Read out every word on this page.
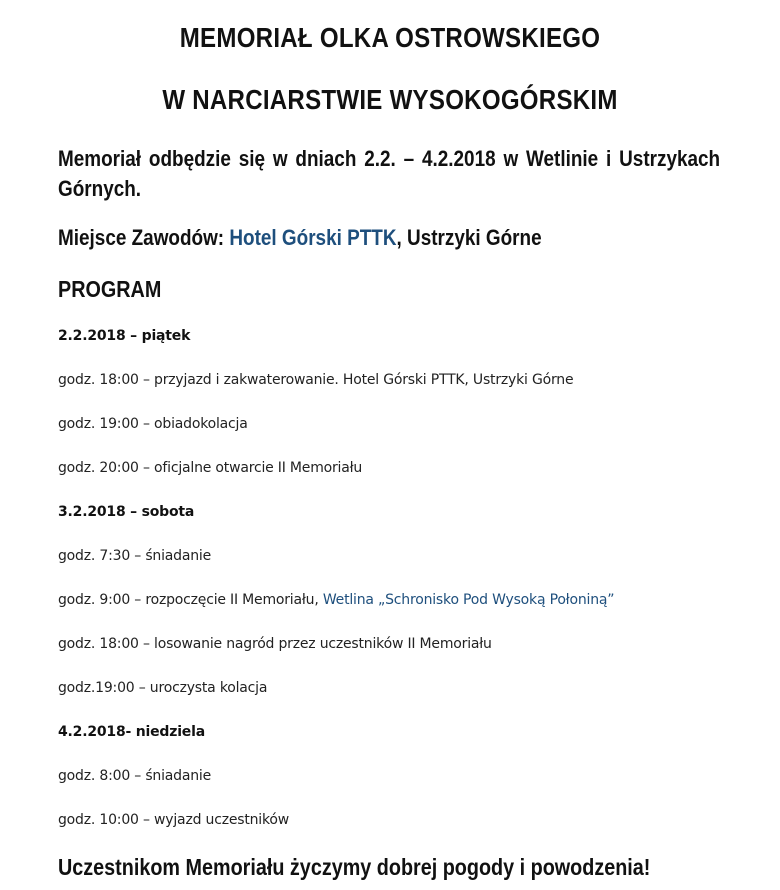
MEMORIAŁ OLKA OSTROWSKIEGO
W NARCIARSTWIE WYSOKOGÓRSKIM

Memoriał odbędzie się w dniach 2.2. – 4.2.2018 w Wetlinie i Ustrzykach Górnych.

Miejsce Zawodów: Hotel Górski PTTK, Ustrzyki Górne

PROGRAM
2.2.2018 – piątek
godz. 18:00 – przyjazd i zakwaterowanie. Hotel Górski PTTK, Ustrzyki Górne
godz. 19:00 – obiadokolacja
godz. 20:00 – oficjalne otwarcie II Memoriału
3.2.2018 – sobota
godz. 7:30 – śniadanie
godz. 9:00 – rozpoczęcie II Memoriału, Wetlina „Schronisko Pod Wysoką Połoniną”
godz. 18:00 – losowanie nagród przez uczestników II Memoriału
godz.19:00 – uroczysta kolacja
4.2.2018- niedziela
godz. 8:00 – śniadanie
godz. 10:00 – wyjazd uczestników

Uczestnikom Memoriału życzymy dobrej pogody i powodzenia!
